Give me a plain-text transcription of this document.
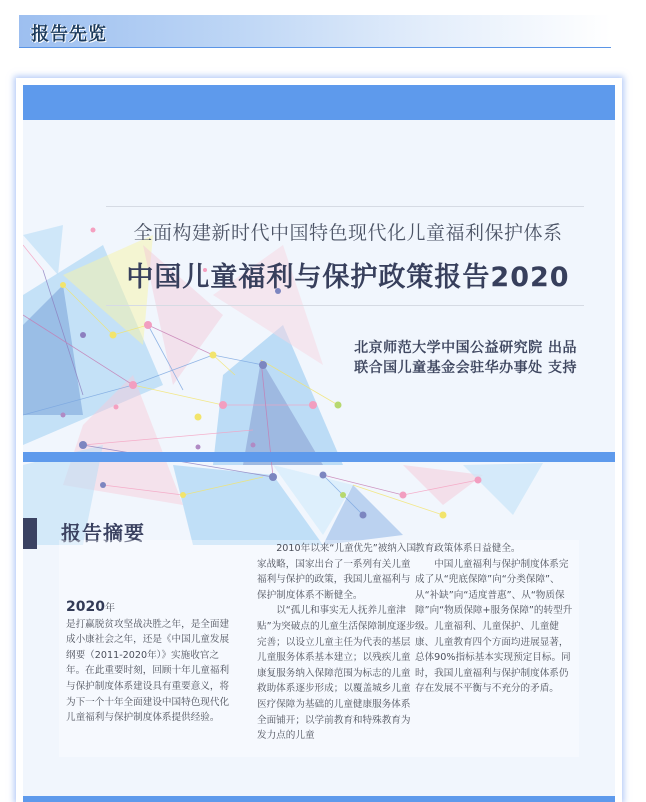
报告先览
全面构建新时代中国特色现代化儿童福利保护体系
中国儿童福利与保护政策报告2020
北京师范大学中国公益研究院 出品
联合国儿童基金会驻华办事处 支持
报告摘要
2020年

是打赢脱贫攻坚战决胜之年，是全面建成小康社会之年，还是《中国儿童发展纲要（2011-2020年）》实施收官之年。在此重要时刻，回顾十年儿童福利与保护制度体系建设具有重要意义，将为下一个十年全面建设中国特色现代化儿童福利与保护制度体系提供经验。

2010年以来“儿童优先”被纳入国家战略，国家出台了一系列有关儿童福利与保护的政策，我国儿童福利与保护制度体系不断健全。

以“孤儿和事实无人抚养儿童津贴”为突破点的儿童生活保障制度逐步完善；以设立儿童主任为代表的基层儿童服务体系基本建立；以残疾儿童康复服务纳入保障范围为标志的儿童救助体系逐步形成；以覆盖城乡儿童医疗保障为基础的儿童健康服务体系全面铺开；以学前教育和特殊教育为发力点的儿童

教育政策体系日益健全。

中国儿童福利与保护制度体系完成了从“兜底保障”向“分类保障”、从“补缺”向“适度普惠”、从“物质保障”向“物质保障+服务保障”的转型升级。儿童福利、儿童保护、儿童健康、儿童教育四个方面均进展显著，总体90%指标基本实现预定目标。同时，我国儿童福利与保护制度体系仍存在发展不平衡与不充分的矛盾。
